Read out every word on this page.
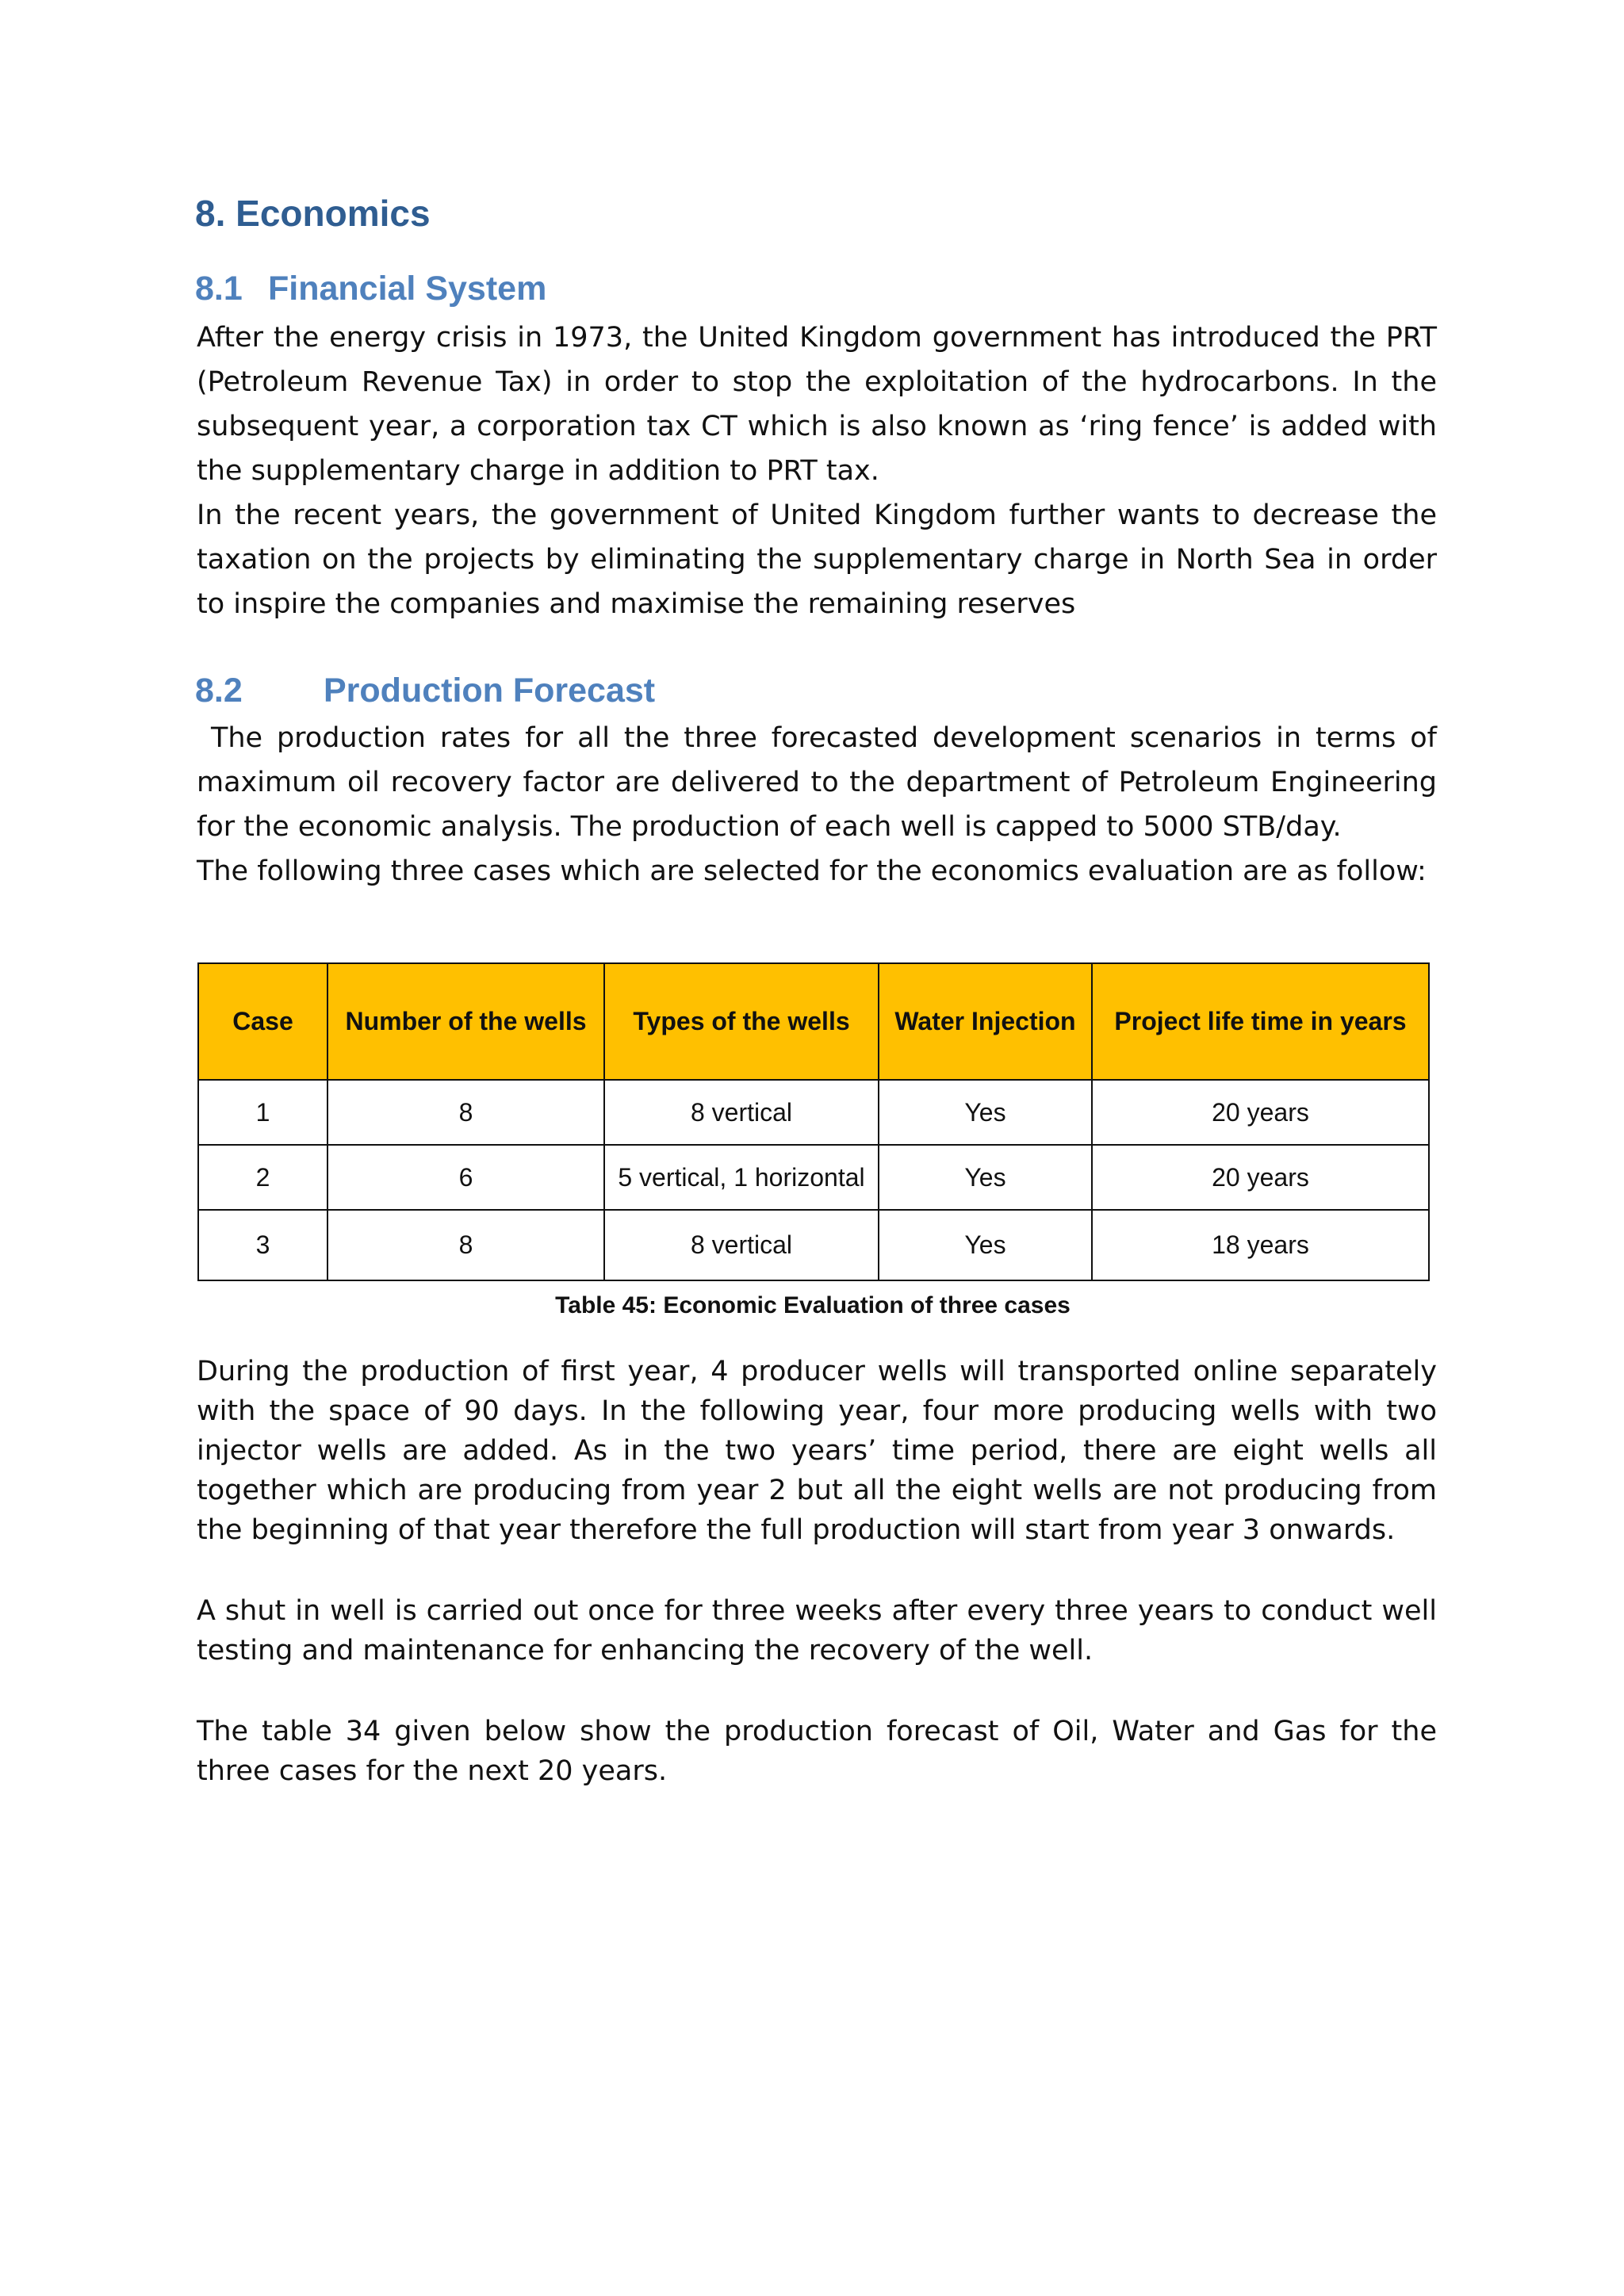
8. Economics
8.1 Financial System

After the energy crisis in 1973, the United Kingdom government has introduced the PRT (Petroleum Revenue Tax) in order to stop the exploitation of the hydrocarbons. In the subsequent year, a corporation tax CT which is also known as ‘ring fence’ is added with the supplementary charge in addition to PRT tax.

In the recent years, the government of United Kingdom further wants to decrease the taxation on the projects by eliminating the supplementary charge in North Sea in order to inspire the companies and maximise the remaining reserves

8.2 Production Forecast

The production rates for all the three forecasted development scenarios in terms of maximum oil recovery factor are delivered to the department of Petroleum Engineering for the economic analysis. The production of each well is capped to 5000 STB/day.

The following three cases which are selected for the economics evaluation are as follow:

Case	Number of the wells	Types of the wells	Water Injection	Project life time in years
1	8	8 vertical	Yes	20 years
2	6	5 vertical, 1 horizontal	Yes	20 years
3	8	8 vertical	Yes	18 years

Table 45: Economic Evaluation of three cases

During the production of first year, 4 producer wells will transported online separately with the space of 90 days. In the following year, four more producing wells with two injector wells are added. As in the two years’ time period, there are eight wells all together which are producing from year 2 but all the eight wells are not producing from the beginning of that year therefore the full production will start from year 3 onwards.
A shut in well is carried out once for three weeks after every three years to conduct well testing and maintenance for enhancing the recovery of the well.
The table 34 given below show the production forecast of Oil, Water and Gas for the three cases for the next 20 years.
